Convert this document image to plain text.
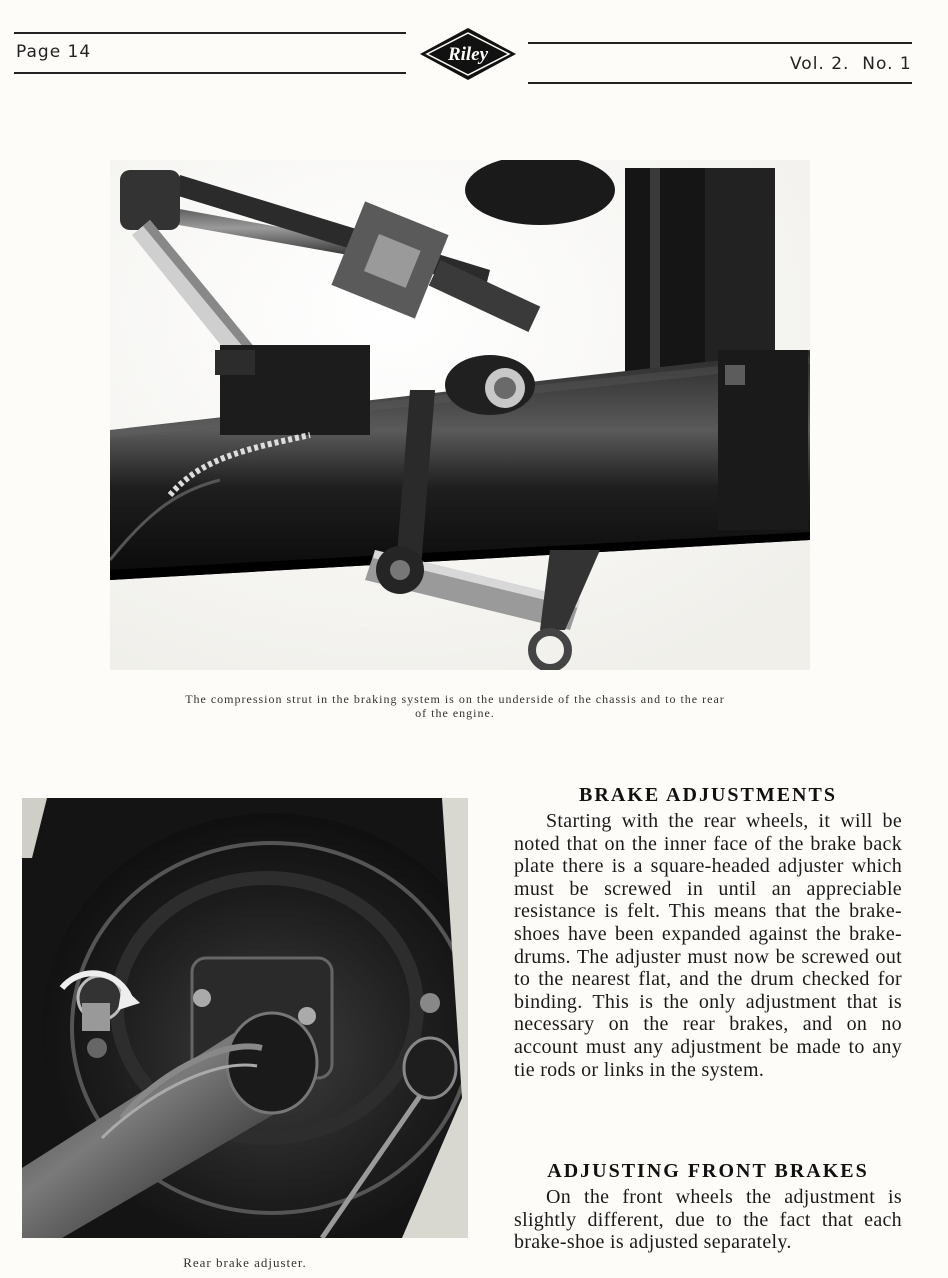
Page 14
Vol. 2.  No. 1
Riley
The compression strut in the braking system is on the underside of the chassis and to the rear
of the engine.
Rear brake adjuster.
BRAKE ADJUSTMENTS
Starting with the rear wheels, it will be noted that on the inner face of the brake back plate there is a square-headed adjuster which must be screwed in until an appreciable resistance is felt. This means that the brake-shoes have been expanded against the brake-drums. The adjuster must now be screwed out to the nearest flat, and the drum checked for binding. This is the only adjustment that is necessary on the rear brakes, and on no account must any adjustment be made to any tie rods or links in the system.
ADJUSTING FRONT BRAKES
On the front wheels the adjustment is slightly different, due to the fact that each brake-shoe is adjusted separately.
